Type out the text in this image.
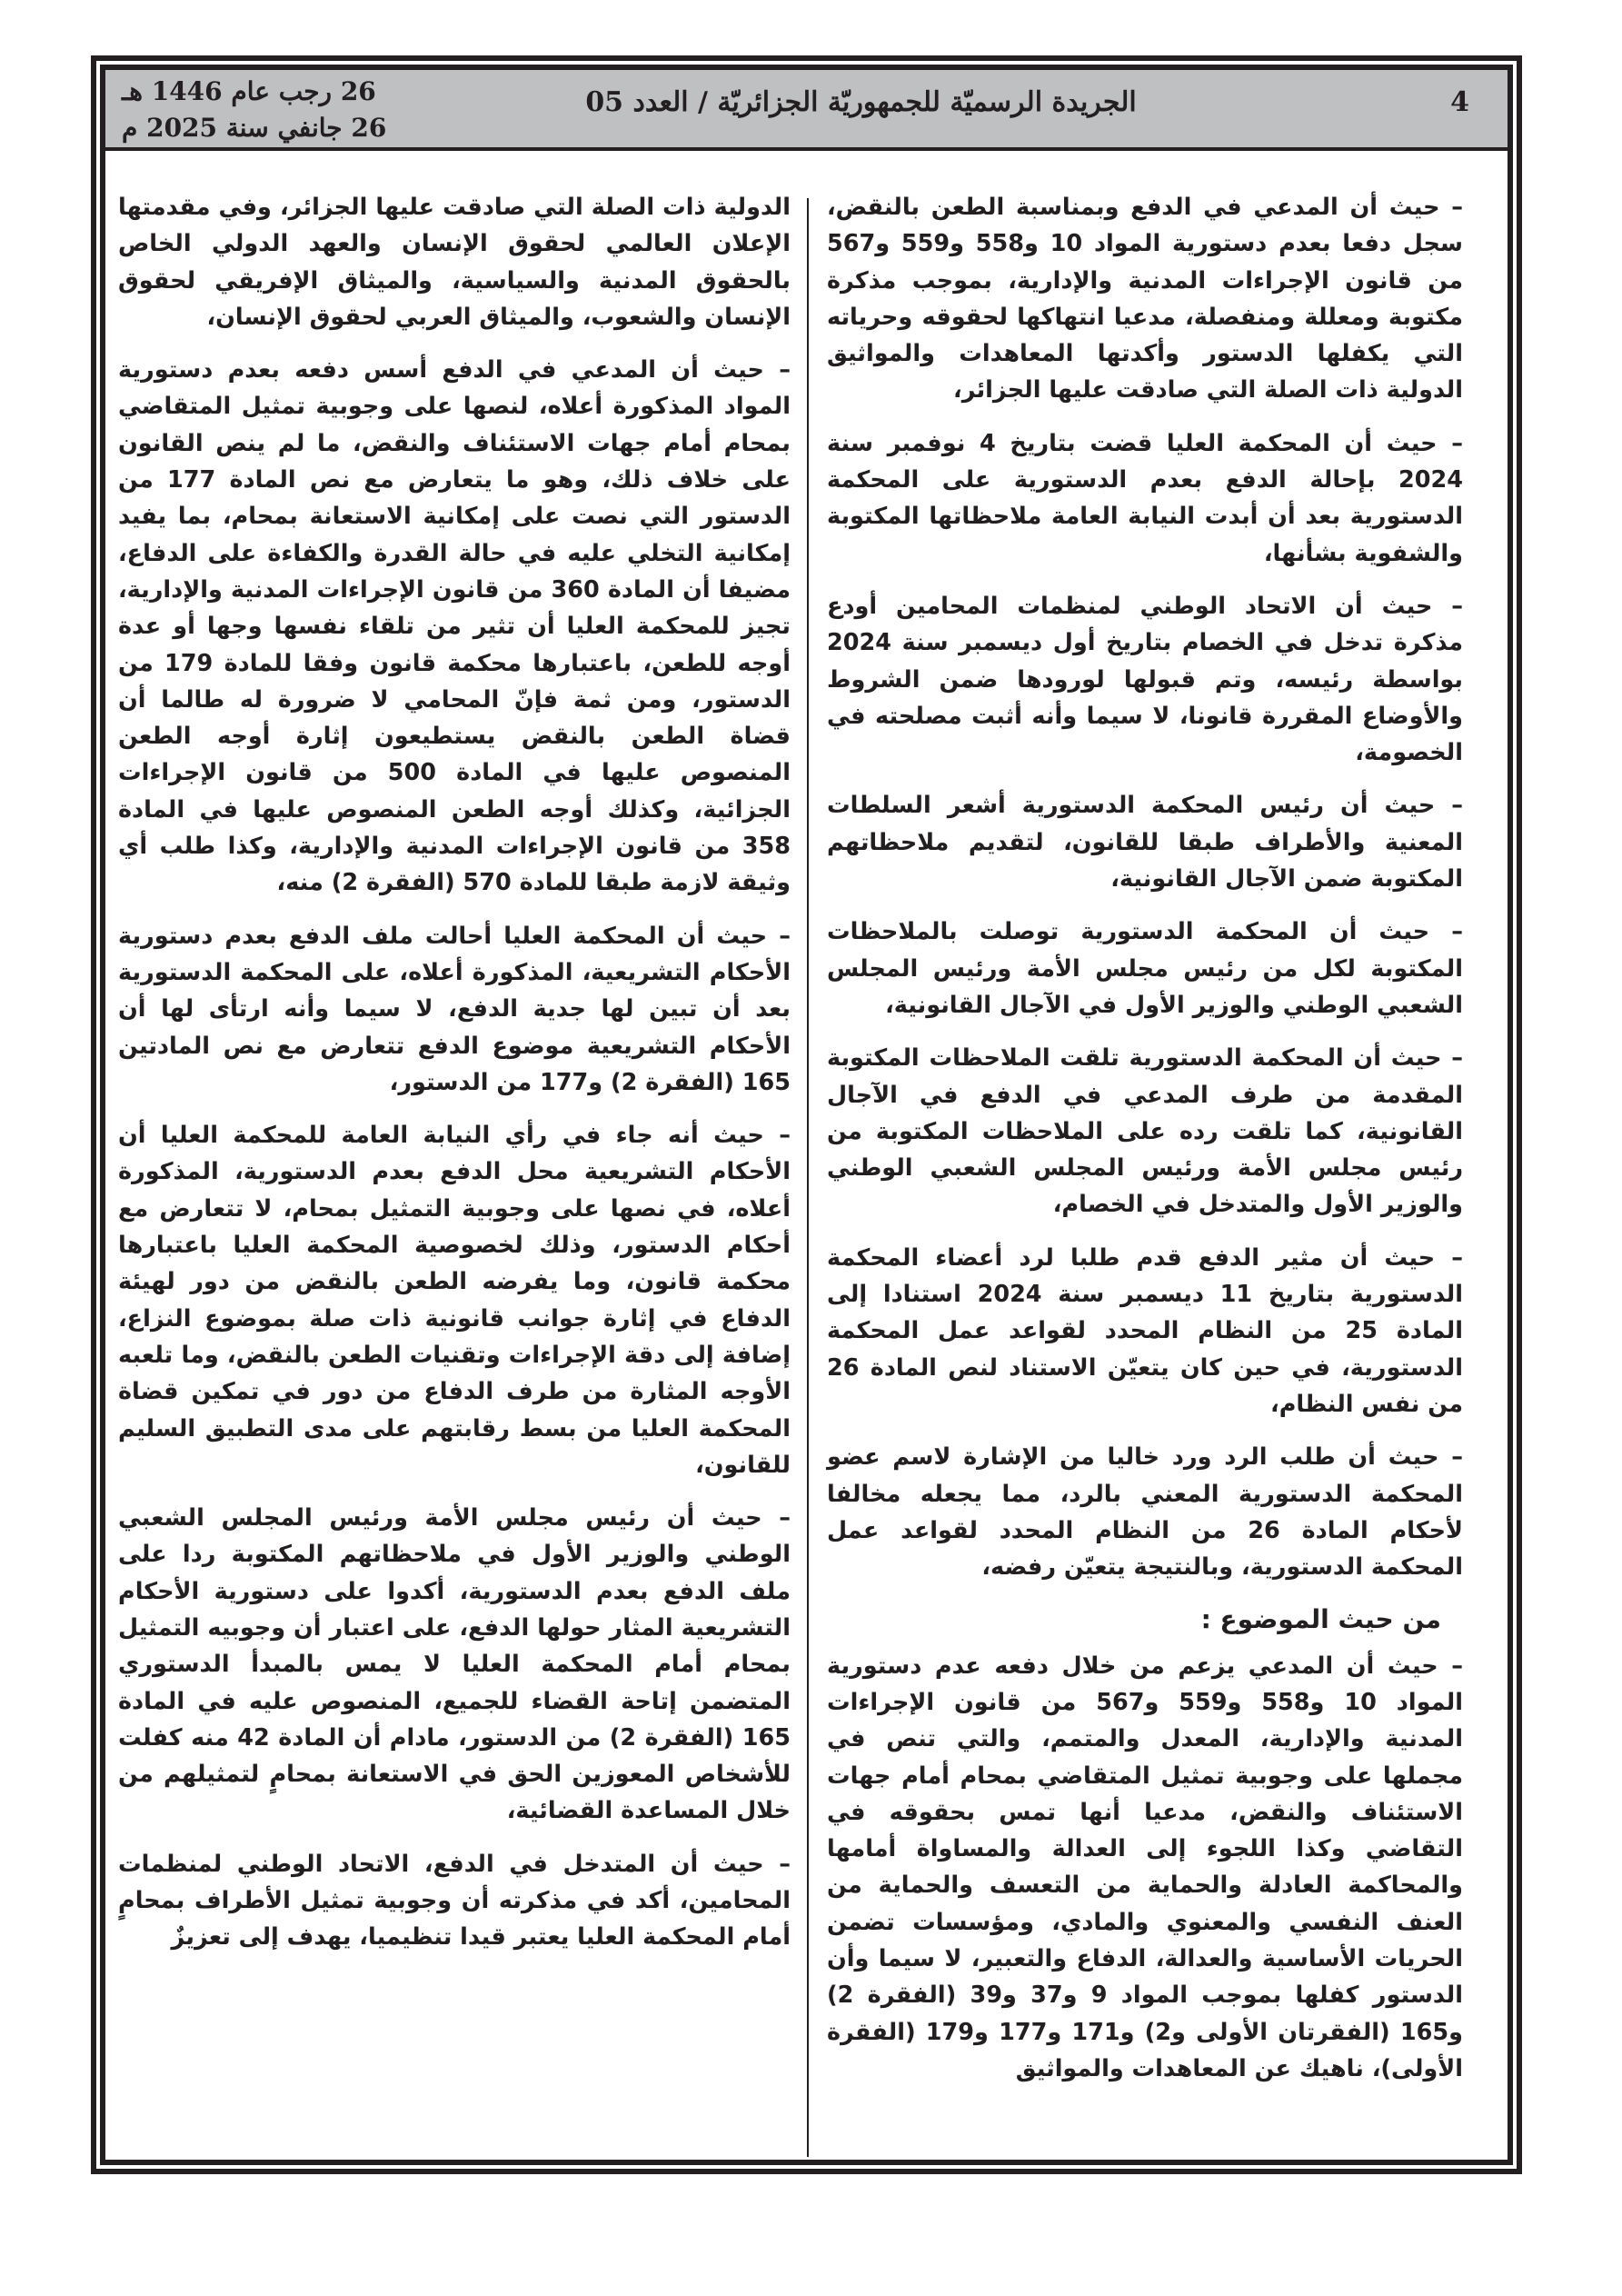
4
الجريدة الرسميّة للجمهوريّة الجزائريّة / العدد 05
26 رجب عام 1446 هـ
26 جانفي سنة 2025 م

– حيث أن المدعي في الدفع وبمناسبة الطعن بالنقض، سجل دفعا بعدم دستورية المواد 10 و558 و559 و567 من قانون الإجراءات المدنية والإدارية، بموجب مذكرة مكتوبة ومعللة ومنفصلة، مدعيا انتهاكها لحقوقه وحرياته التي يكفلها الدستور وأكدتها المعاهدات والمواثيق الدولية ذات الصلة التي صادقت عليها الجزائر،

– حيث أن المحكمة العليا قضت بتاريخ 4 نوفمبر سنة 2024 بإحالة الدفع بعدم الدستورية على المحكمة الدستورية بعد أن أبدت النيابة العامة ملاحظاتها المكتوبة والشفوية بشأنها،

– حيث أن الاتحاد الوطني لمنظمات المحامين أودع مذكرة تدخل في الخصام بتاريخ أول ديسمبر سنة 2024 بواسطة رئيسه، وتم قبولها لورودها ضمن الشروط والأوضاع المقررة قانونا، لا سيما وأنه أثبت مصلحته في الخصومة،

– حيث أن رئيس المحكمة الدستورية أشعر السلطات المعنية والأطراف طبقا للقانون، لتقديم ملاحظاتهم المكتوبة ضمن الآجال القانونية،

– حيث أن المحكمة الدستورية توصلت بالملاحظات المكتوبة لكل من رئيس مجلس الأمة ورئيس المجلس الشعبي الوطني والوزير الأول في الآجال القانونية،

– حيث أن المحكمة الدستورية تلقت الملاحظات المكتوبة المقدمة من طرف المدعي في الدفع في الآجال القانونية، كما تلقت رده على الملاحظات المكتوبة من رئيس مجلس الأمة ورئيس المجلس الشعبي الوطني والوزير الأول والمتدخل في الخصام،

– حيث أن مثير الدفع قدم طلبا لرد أعضاء المحكمة الدستورية بتاريخ 11 ديسمبر سنة 2024 استنادا إلى المادة 25 من النظام المحدد لقواعد عمل المحكمة الدستورية، في حين كان يتعيّن الاستناد لنص المادة 26 من نفس النظام،

– حيث أن طلب الرد ورد خاليا من الإشارة لاسم عضو المحكمة الدستورية المعني بالرد، مما يجعله مخالفا لأحكام المادة 26 من النظام المحدد لقواعد عمل المحكمة الدستورية، وبالنتيجة يتعيّن رفضه،

من حيث الموضوع :

– حيث أن المدعي يزعم من خلال دفعه عدم دستورية المواد 10 و558 و559 و567 من قانون الإجراءات المدنية والإدارية، المعدل والمتمم، والتي تنص في مجملها على وجوبية تمثيل المتقاضي بمحام أمام جهات الاستئناف والنقض، مدعيا أنها تمس بحقوقه في التقاضي وكذا اللجوء إلى العدالة والمساواة أمامها والمحاكمة العادلة والحماية من التعسف والحماية من العنف النفسي والمعنوي والمادي، ومؤسسات تضمن الحريات الأساسية والعدالة، الدفاع والتعبير، لا سيما وأن الدستور كفلها بموجب المواد 9 و37 و39 (الفقرة 2) و165 (الفقرتان الأولى و2) و171 و177 و179 (الفقرة الأولى)، ناهيك عن المعاهدات والمواثيق

الدولية ذات الصلة التي صادقت عليها الجزائر، وفي مقدمتها الإعلان العالمي لحقوق الإنسان والعهد الدولي الخاص بالحقوق المدنية والسياسية، والميثاق الإفريقي لحقوق الإنسان والشعوب، والميثاق العربي لحقوق الإنسان،

– حيث أن المدعي في الدفع أسس دفعه بعدم دستورية المواد المذكورة أعلاه، لنصها على وجوبية تمثيل المتقاضي بمحام أمام جهات الاستئناف والنقض، ما لم ينص القانون على خلاف ذلك، وهو ما يتعارض مع نص المادة 177 من الدستور التي نصت على إمكانية الاستعانة بمحام، بما يفيد إمكانية التخلي عليه في حالة القدرة والكفاءة على الدفاع، مضيفا أن المادة 360 من قانون الإجراءات المدنية والإدارية، تجيز للمحكمة العليا أن تثير من تلقاء نفسها وجها أو عدة أوجه للطعن، باعتبارها محكمة قانون وفقا للمادة 179 من الدستور، ومن ثمة فإنّ المحامي لا ضرورة له طالما أن قضاة الطعن بالنقض يستطيعون إثارة أوجه الطعن المنصوص عليها في المادة 500 من قانون الإجراءات الجزائية، وكذلك أوجه الطعن المنصوص عليها في المادة 358 من قانون الإجراءات المدنية والإدارية، وكذا طلب أي وثيقة لازمة طبقا للمادة 570 (الفقرة 2) منه،

– حيث أن المحكمة العليا أحالت ملف الدفع بعدم دستورية الأحكام التشريعية، المذكورة أعلاه، على المحكمة الدستورية بعد أن تبين لها جدية الدفع، لا سيما وأنه ارتأى لها أن الأحكام التشريعية موضوع الدفع تتعارض مع نص المادتين 165 (الفقرة 2) و177 من الدستور،

– حيث أنه جاء في رأي النيابة العامة للمحكمة العليا أن الأحكام التشريعية محل الدفع بعدم الدستورية، المذكورة أعلاه، في نصها على وجوبية التمثيل بمحام، لا تتعارض مع أحكام الدستور، وذلك لخصوصية المحكمة العليا باعتبارها محكمة قانون، وما يفرضه الطعن بالنقض من دور لهيئة الدفاع في إثارة جوانب قانونية ذات صلة بموضوع النزاع، إضافة إلى دقة الإجراءات وتقنيات الطعن بالنقض، وما تلعبه الأوجه المثارة من طرف الدفاع من دور في تمكين قضاة المحكمة العليا من بسط رقابتهم على مدى التطبيق السليم للقانون،

– حيث أن رئيس مجلس الأمة ورئيس المجلس الشعبي الوطني والوزير الأول في ملاحظاتهم المكتوبة ردا على ملف الدفع بعدم الدستورية، أكدوا على دستورية الأحكام التشريعية المثار حولها الدفع، على اعتبار أن وجوبيه التمثيل بمحام أمام المحكمة العليا لا يمس بالمبدأ الدستوري المتضمن إتاحة القضاء للجميع، المنصوص عليه في المادة 165 (الفقرة 2) من الدستور، مادام أن المادة 42 منه كفلت للأشخاص المعوزين الحق في الاستعانة بمحامٍ لتمثيلهم من خلال المساعدة القضائية،

– حيث أن المتدخل في الدفع، الاتحاد الوطني لمنظمات المحامين، أكد في مذكرته أن وجوبية تمثيل الأطراف بمحامٍ أمام المحكمة العليا يعتبر قيدا تنظيميا، يهدف إلى تعزيزٌ
